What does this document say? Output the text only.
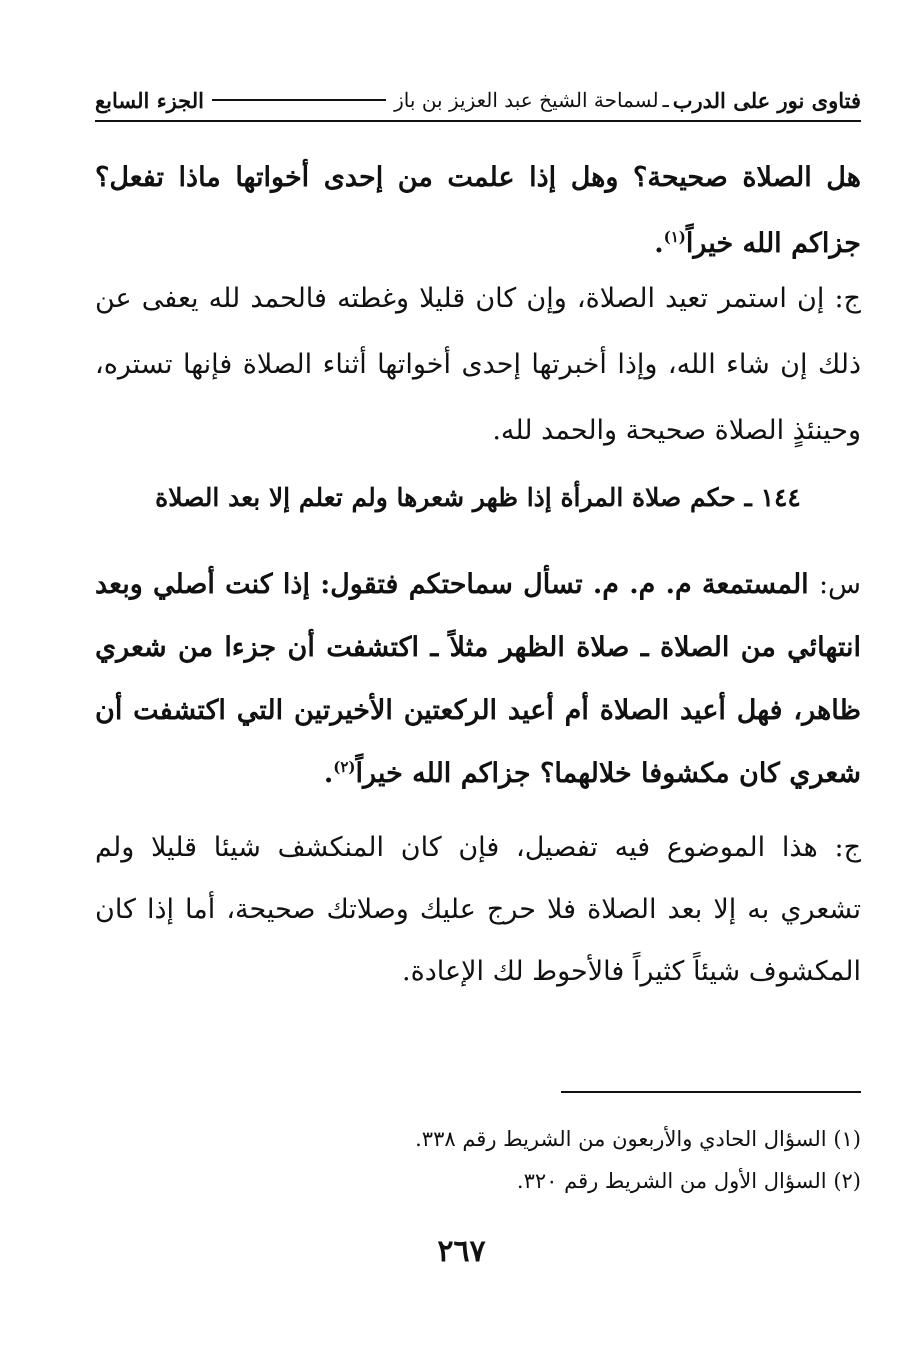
فتاوى نور على الدرب
ـ
لسماحة الشيخ عبد العزيز بن باز
الجزء السابع

هل الصلاة صحيحة؟ وهل إذا علمت من إحدى أخواتها ماذا تفعل؟ جزاكم الله خيراً$^{(١)}$.

ج: إن استمر تعيد الصلاة، وإن كان قليلا وغطته فالحمد لله يعفى عن ذلك إن شاء الله، وإذا أخبرتها إحدى أخواتها أثناء الصلاة فإنها تستره، وحينئذٍ الصلاة صحيحة والحمد لله.

١٤٤ ـ حكم صلاة المرأة إذا ظهر شعرها ولم تعلم إلا بعد الصلاة

س: المستمعة م. م. م. تسأل سماحتكم فتقول: إذا كنت أصلي وبعد انتهائي من الصلاة ـ صلاة الظهر مثلاً ـ اكتشفت أن جزءا من شعري ظاهر، فهل أعيد الصلاة أم أعيد الركعتين الأخيرتين التي اكتشفت أن شعري كان مكشوفا خلالهما؟ جزاكم الله خيراً$^{(٢)}$.

ج: هذا الموضوع فيه تفصيل، فإن كان المنكشف شيئا قليلا ولم تشعري به إلا بعد الصلاة فلا حرج عليك وصلاتك صحيحة، أما إذا كان المكشوف شيئاً كثيراً فالأحوط لك الإعادة.

(١) السؤال الحادي والأربعون من الشريط رقم ٣٣٨.
(٢) السؤال الأول من الشريط رقم ٣٢٠.
٢٦٧
